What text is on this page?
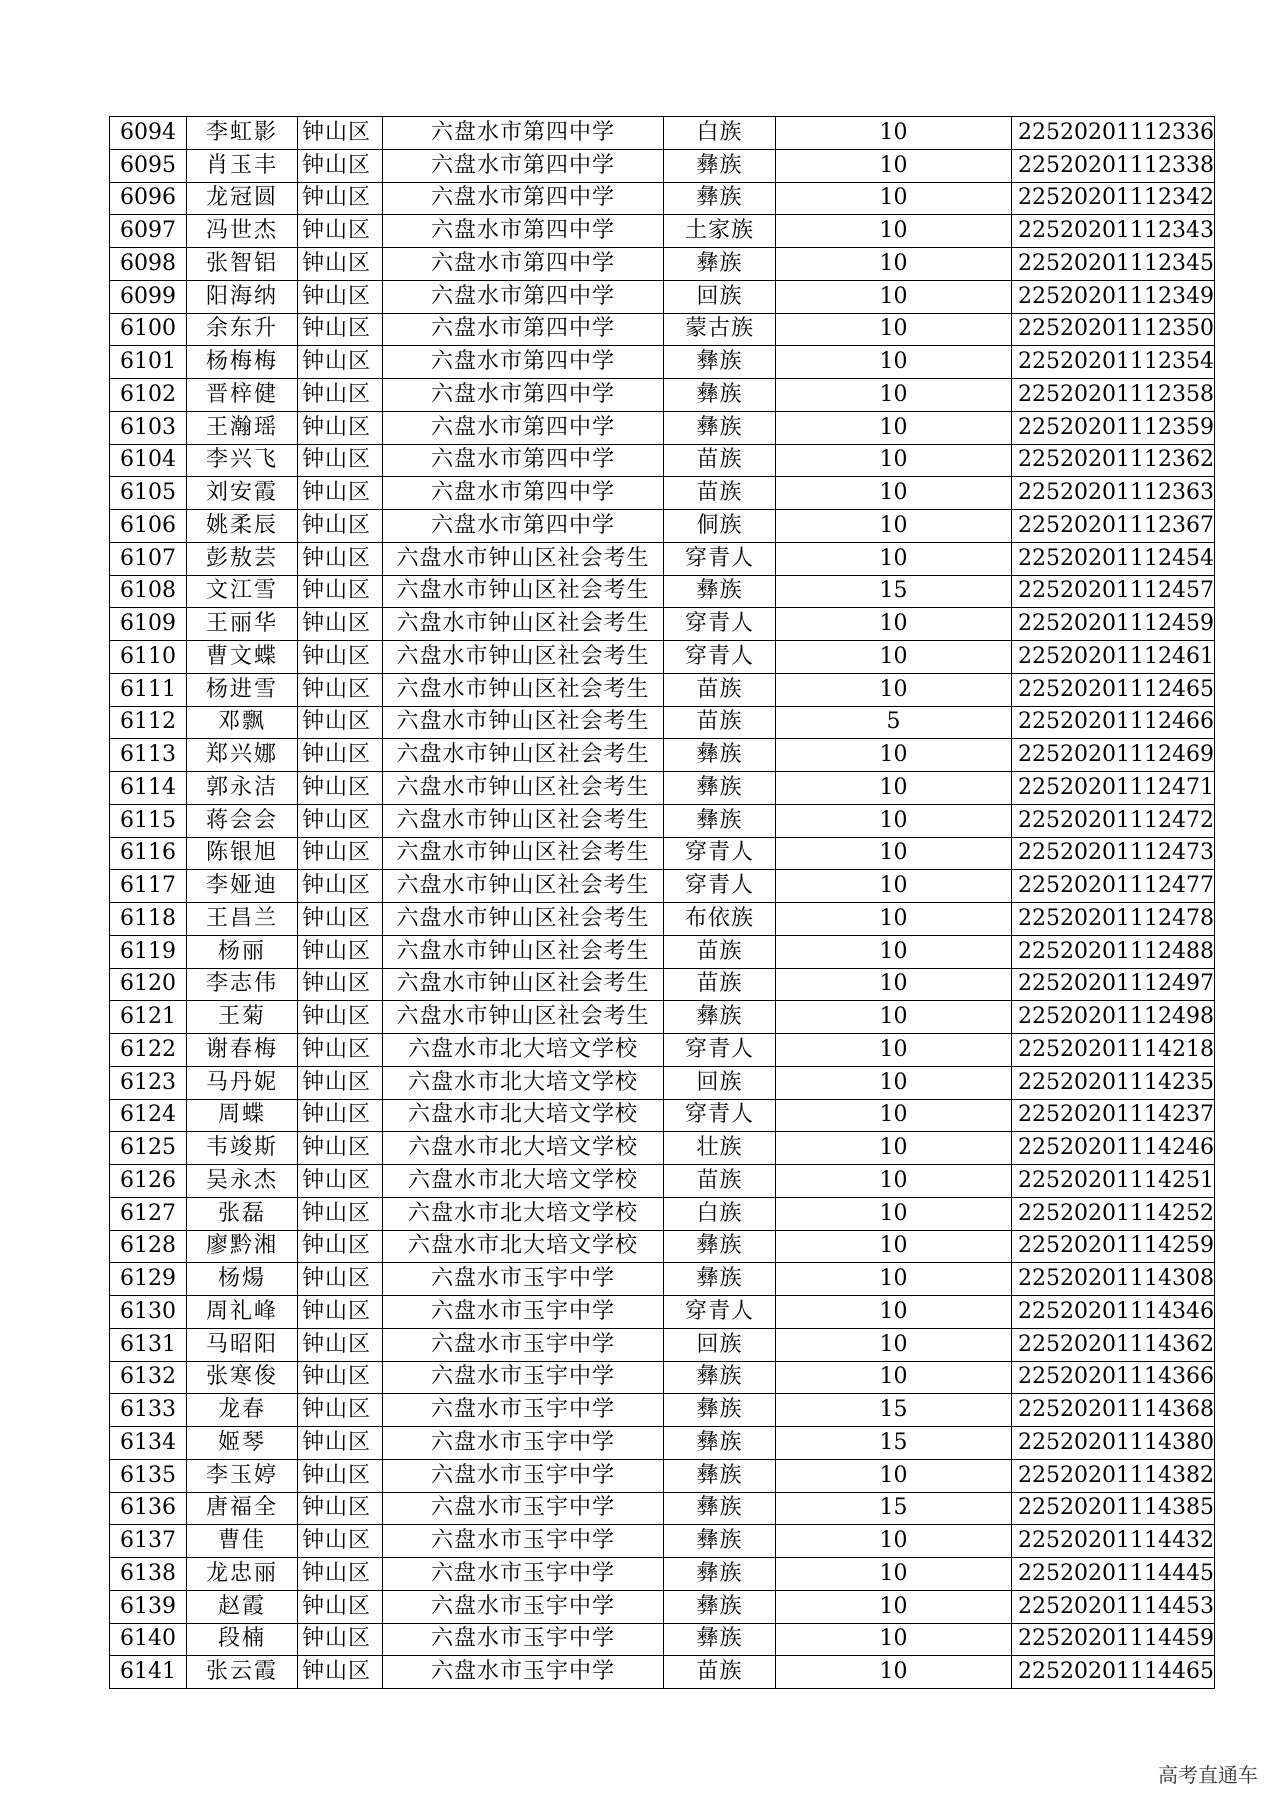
6094	李虹影	钟山区	六盘水市第四中学	白族	10	22520201112336
6095	肖玉丰	钟山区	六盘水市第四中学	彝族	10	22520201112338
6096	龙冠圆	钟山区	六盘水市第四中学	彝族	10	22520201112342
6097	冯世杰	钟山区	六盘水市第四中学	土家族	10	22520201112343
6098	张智铝	钟山区	六盘水市第四中学	彝族	10	22520201112345
6099	阳海纳	钟山区	六盘水市第四中学	回族	10	22520201112349
6100	余东升	钟山区	六盘水市第四中学	蒙古族	10	22520201112350
6101	杨梅梅	钟山区	六盘水市第四中学	彝族	10	22520201112354
6102	晋梓健	钟山区	六盘水市第四中学	彝族	10	22520201112358
6103	王瀚瑶	钟山区	六盘水市第四中学	彝族	10	22520201112359
6104	李兴飞	钟山区	六盘水市第四中学	苗族	10	22520201112362
6105	刘安霞	钟山区	六盘水市第四中学	苗族	10	22520201112363
6106	姚柔辰	钟山区	六盘水市第四中学	侗族	10	22520201112367
6107	彭敖芸	钟山区	六盘水市钟山区社会考生	穿青人	10	22520201112454
6108	文江雪	钟山区	六盘水市钟山区社会考生	彝族	15	22520201112457
6109	王丽华	钟山区	六盘水市钟山区社会考生	穿青人	10	22520201112459
6110	曹文蝶	钟山区	六盘水市钟山区社会考生	穿青人	10	22520201112461
6111	杨进雪	钟山区	六盘水市钟山区社会考生	苗族	10	22520201112465
6112	邓飘	钟山区	六盘水市钟山区社会考生	苗族	5	22520201112466
6113	郑兴娜	钟山区	六盘水市钟山区社会考生	彝族	10	22520201112469
6114	郭永洁	钟山区	六盘水市钟山区社会考生	彝族	10	22520201112471
6115	蒋会会	钟山区	六盘水市钟山区社会考生	彝族	10	22520201112472
6116	陈银旭	钟山区	六盘水市钟山区社会考生	穿青人	10	22520201112473
6117	李娅迪	钟山区	六盘水市钟山区社会考生	穿青人	10	22520201112477
6118	王昌兰	钟山区	六盘水市钟山区社会考生	布依族	10	22520201112478
6119	杨丽	钟山区	六盘水市钟山区社会考生	苗族	10	22520201112488
6120	李志伟	钟山区	六盘水市钟山区社会考生	苗族	10	22520201112497
6121	王菊	钟山区	六盘水市钟山区社会考生	彝族	10	22520201112498
6122	谢春梅	钟山区	六盘水市北大培文学校	穿青人	10	22520201114218
6123	马丹妮	钟山区	六盘水市北大培文学校	回族	10	22520201114235
6124	周蝶	钟山区	六盘水市北大培文学校	穿青人	10	22520201114237
6125	韦竣斯	钟山区	六盘水市北大培文学校	壮族	10	22520201114246
6126	吴永杰	钟山区	六盘水市北大培文学校	苗族	10	22520201114251
6127	张磊	钟山区	六盘水市北大培文学校	白族	10	22520201114252
6128	廖黔湘	钟山区	六盘水市北大培文学校	彝族	10	22520201114259
6129	杨煬	钟山区	六盘水市玉宇中学	彝族	10	22520201114308
6130	周礼峰	钟山区	六盘水市玉宇中学	穿青人	10	22520201114346
6131	马昭阳	钟山区	六盘水市玉宇中学	回族	10	22520201114362
6132	张寒俊	钟山区	六盘水市玉宇中学	彝族	10	22520201114366
6133	龙春	钟山区	六盘水市玉宇中学	彝族	15	22520201114368
6134	姬琴	钟山区	六盘水市玉宇中学	彝族	15	22520201114380
6135	李玉婷	钟山区	六盘水市玉宇中学	彝族	10	22520201114382
6136	唐福全	钟山区	六盘水市玉宇中学	彝族	15	22520201114385
6137	曹佳	钟山区	六盘水市玉宇中学	彝族	10	22520201114432
6138	龙忠丽	钟山区	六盘水市玉宇中学	彝族	10	22520201114445
6139	赵霞	钟山区	六盘水市玉宇中学	彝族	10	22520201114453
6140	段楠	钟山区	六盘水市玉宇中学	彝族	10	22520201114459
6141	张云霞	钟山区	六盘水市玉宇中学	苗族	10	22520201114465
高考直通车
